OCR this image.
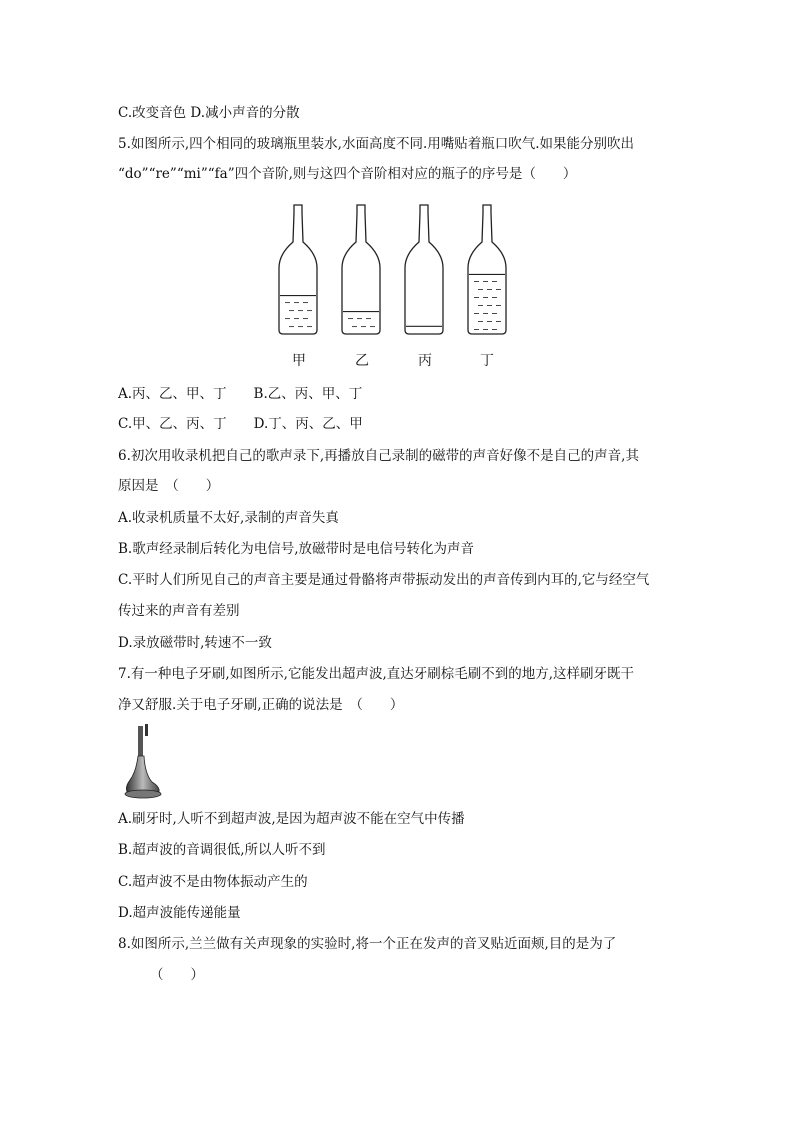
C.改变音色 D.减小声音的分散
5.如图所示,四个相同的玻璃瓶里装水,水面高度不同.用嘴贴着瓶口吹气.如果能分别吹出
“do”“re”“mi”“fa”四个音阶,则与这四个音阶相对应的瓶子的序号是（　　）
A.丙、乙、甲、丁　　B.乙、丙、甲、丁
C.甲、乙、丙、丁　　D.丁、丙、乙、甲
6.初次用收录机把自己的歌声录下,再播放自己录制的磁带的声音好像不是自己的声音,其
原因是　（　　）
A.收录机质量不太好,录制的声音失真
B.歌声经录制后转化为电信号,放磁带时是电信号转化为声音
C.平时人们所见自己的声音主要是通过骨骼将声带振动发出的声音传到内耳的,它与经空气
传过来的声音有差别
D.录放磁带时,转速不一致
7.有一种电子牙刷,如图所示,它能发出超声波,直达牙刷棕毛刷不到的地方,这样刷牙既干
净又舒服.关于电子牙刷,正确的说法是　（　　）
A.刷牙时,人听不到超声波,是因为超声波不能在空气中传播
B.超声波的音调很低,所以人听不到
C.超声波不是由物体振动产生的
D.超声波能传递能量
8.如图所示,兰兰做有关声现象的实验时,将一个正在发声的音叉贴近面颊,目的是为了
（　　）
甲	乙	丙	丁
